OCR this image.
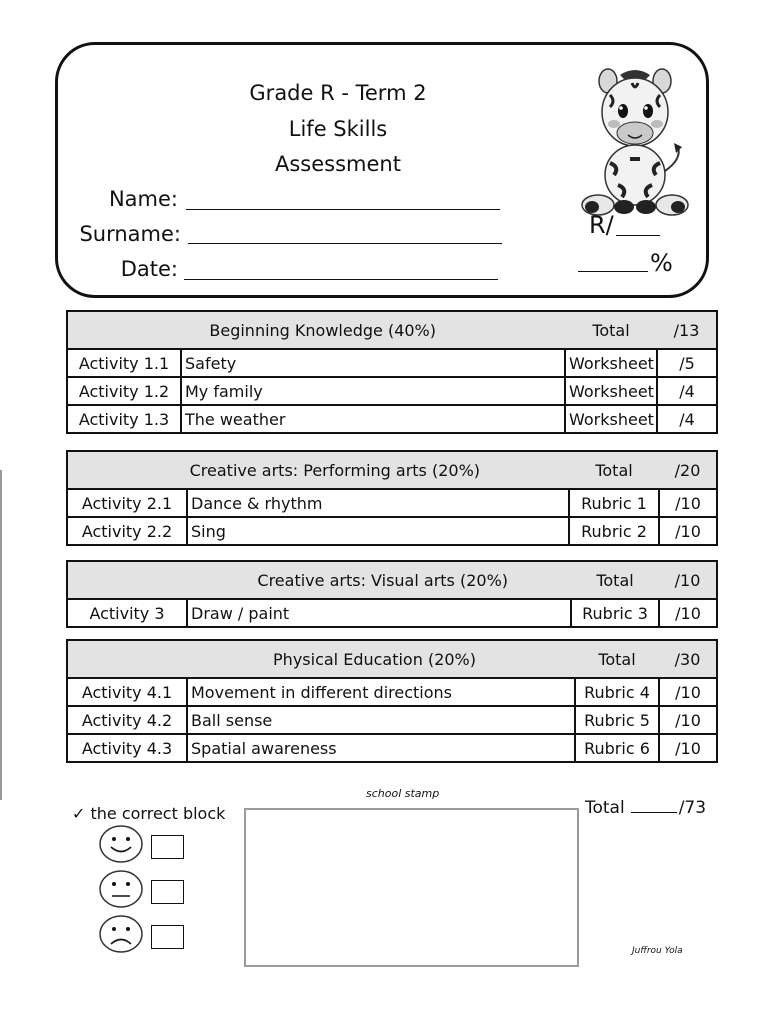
Grade R - Term 2
Life Skills
Assessment
Name:
Surname:
Date:
R/
%
Beginning Knowledge (40%)		Total	/13
Activity 1.1	Safety	Worksheet	/5
Activity 1.2	My family	Worksheet	/4
Activity 1.3	The weather	Worksheet	/4
Creative arts: Performing arts (20%)		Total	/20
Activity 2.1	Dance & rhythm	Rubric 1	/10
Activity 2.2	Sing	Rubric 2	/10
Creative arts: Visual arts (20%)		Total	/10
Activity 3	Draw / paint	Rubric 3	/10
Physical Education (20%)		Total	/30
Activity 4.1	Movement in different directions	Rubric 4	/10
Activity 4.2	Ball sense	Rubric 5	/10
Activity 4.3	Spatial awareness	Rubric 6	/10
✓ the correct block
school stamp
Total	/73
Juffrou Yola
